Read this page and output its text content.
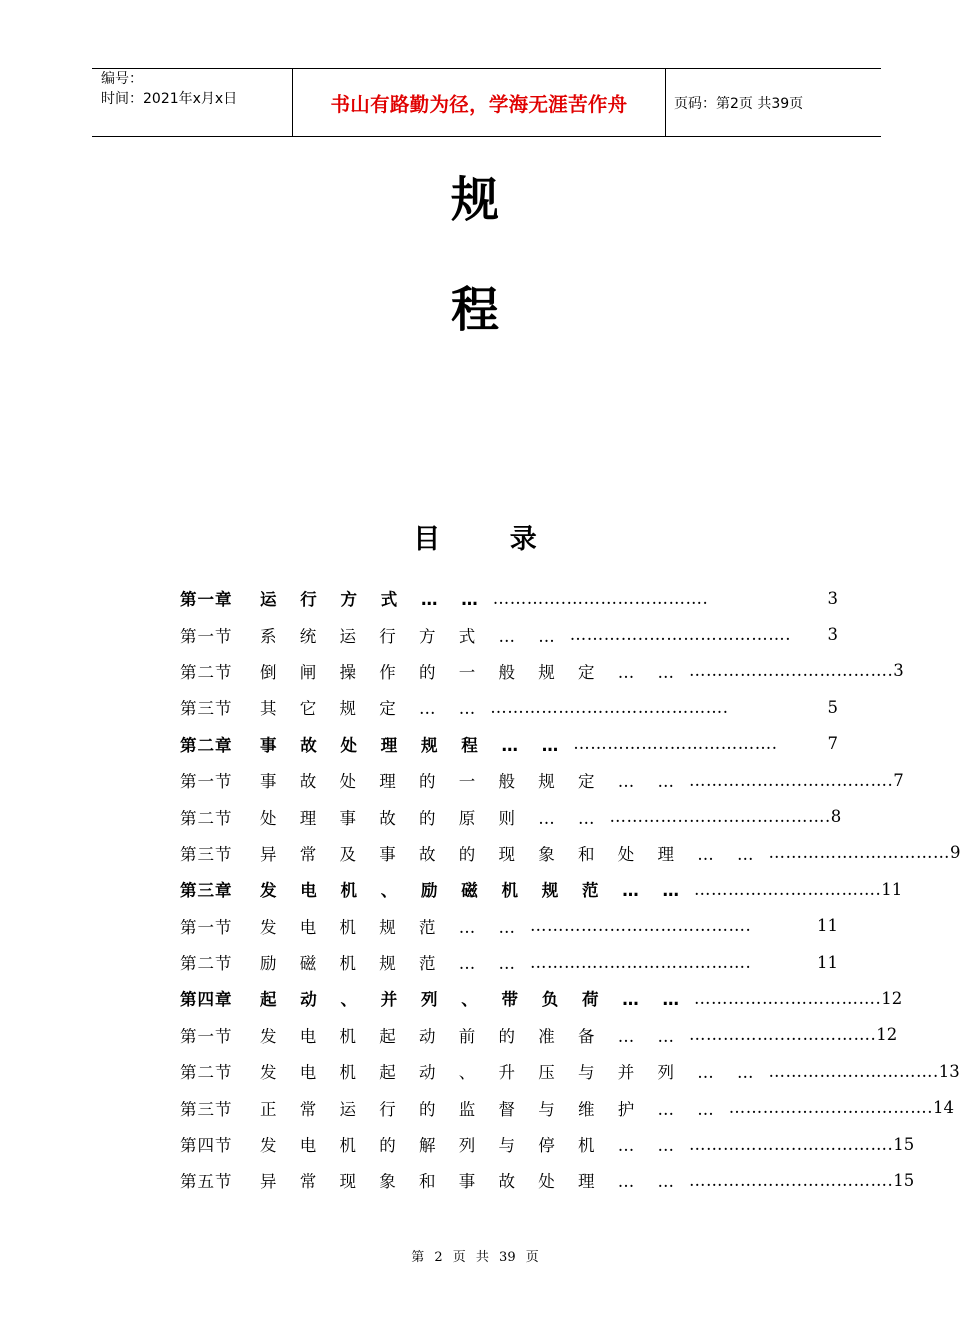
编号：
时间：2021年x月x日	书山有路勤为径，学海无涯苦作舟	页码：第2页 共39页
规
程
目 录
第一章	运 行 方 式 … … ………….…………………….	3
第一节	系 统 运 行 方 式 … … …………..…………………….	3
第二节	倒 闸 操 作 的 一 般 规 定 … … ………………..……………. 3
第三节	其 它 规 定 … … ……………..…………………….	5
第二章	事 故 处 理 规 程 … … ……………..……………….	7
第一节	事 故 处 理 的 一 般 规 定 … … ………………..……………. 7
第二节	处 理 事 故 的 原 则 … … …………..……………………. 8
第三节	异 常 及 事 故 的 现 象 和 处 理 … … ……………..…………… 9
第三章	发 电 机 、 励 磁 机 规 范 … … ……………..……………. 11
第一节	发 电 机 规 范 … … …………..…………………….	11
第二节	励 磁 机 规 范 … … …………..…………………….	11
第四章	起 动 、 并 列 、 带 负 荷 … … ……………..……………. 12
第一节	发 电 机 起 动 前 的 准 备 … … ……………..……………. 12
第二节	发 电 机 起 动 、 升 压 与 并 列 … … ……………..…………. 13
第三节	正 常 运 行 的 监 督 与 维 护 … … ………………..……………. 14
第四节	发 电 机 的 解 列 与 停 机 … … ………………..……………. 15
第五节	异 常 现 象 和 事 故 处 理 … … ………………..……………. 15
第 2 页 共 39 页
